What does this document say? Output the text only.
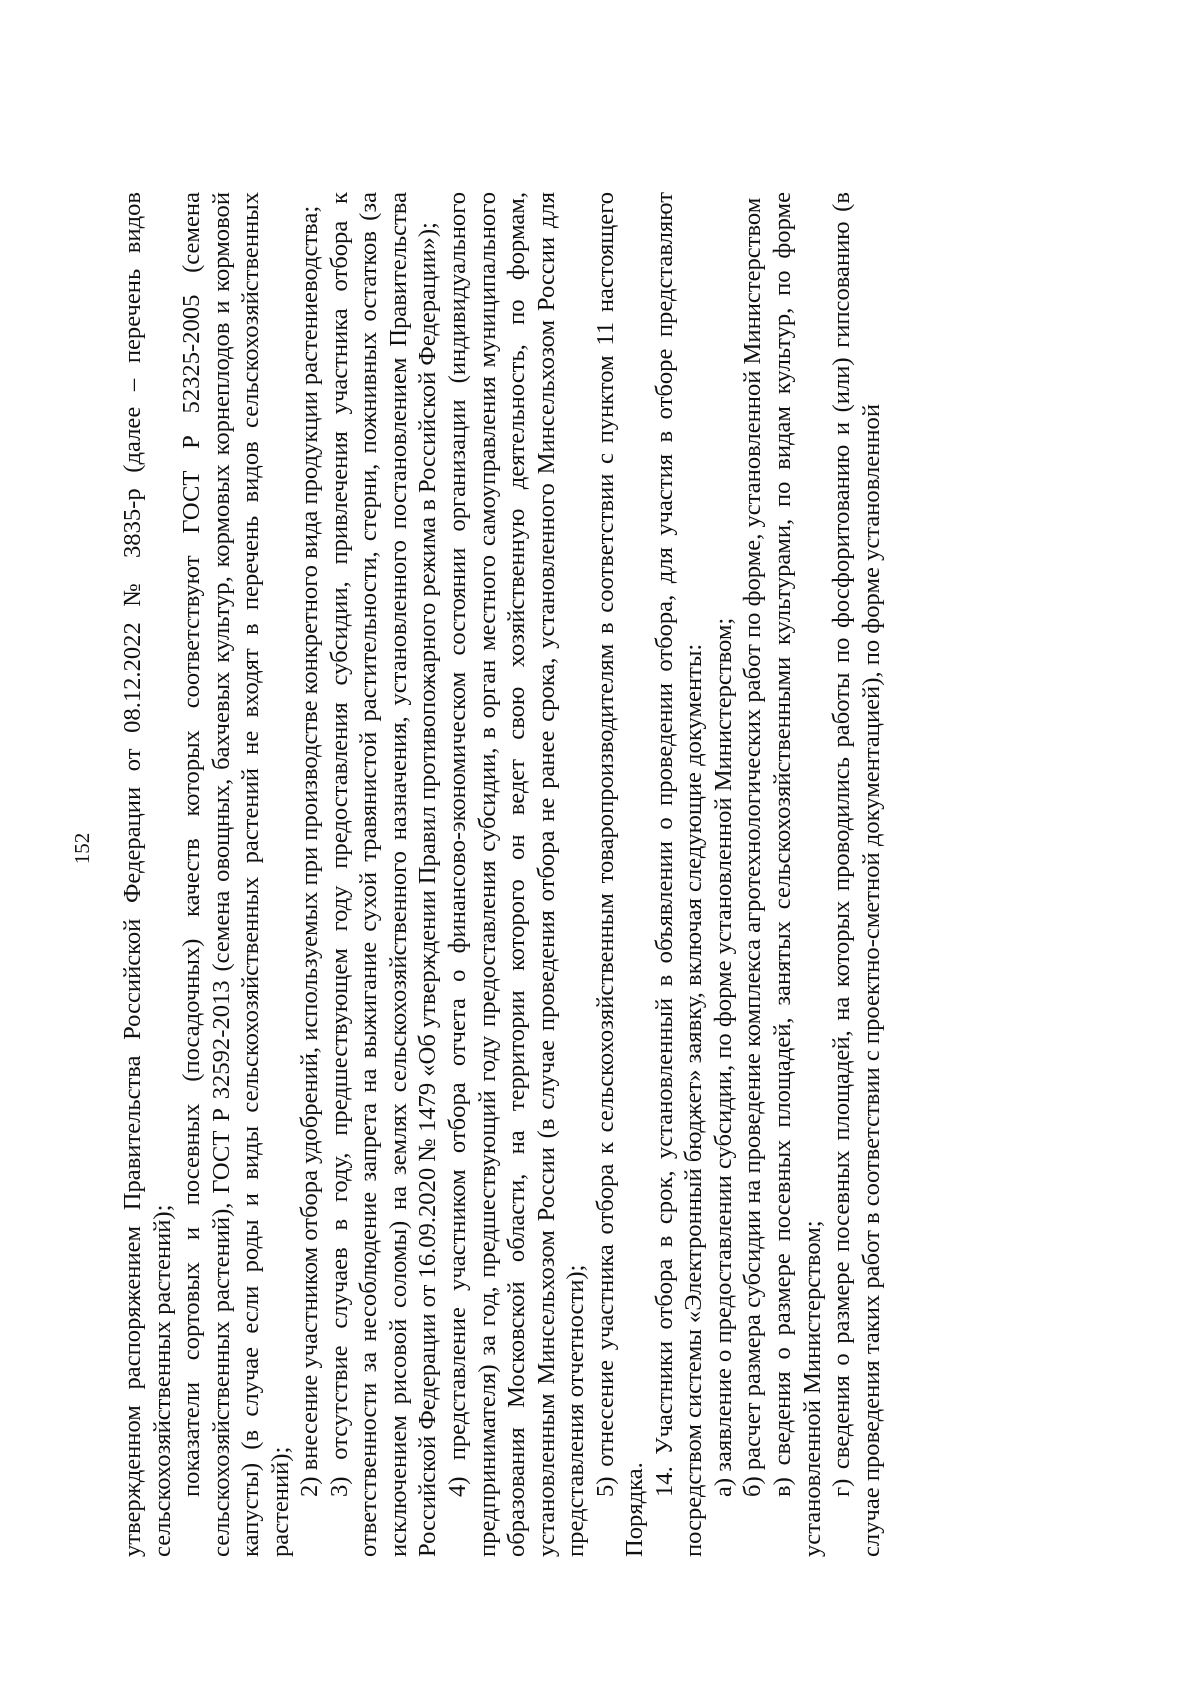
152 утвержденном распоряжением Правительства Российской Федерации от 08.12.2022 № 3835-р (далее – перечень видов сельскохозяйственных растений); показатели сортовых и посевных (посадочных) качеств которых соответствуют ГОСТ Р 52325-2005 (семена сельскохозяйственных растений), ГОСТ Р 32592-2013 (семена овощных, бахчевых культур, кормовых корнеплодов и кормовой капусты) (в случае если роды и виды сельскохозяйственных растений не входят в перечень видов сельскохозяйственных растений);

2) внесение участником отбора удобрений, используемых при производстве конкретного вида продукции растениеводства; 3) отсутствие случаев в году, предшествующем году предоставления субсидии, привлечения участника отбора к ответственности за несоблюдение запрета на выжигание сухой травянистой растительности, стерни, пожнивных остатков (за исключением рисовой соломы) на землях сельскохозяйственного назначения, установленного постановлением Правительства Российской Федерации от 16.09.2020 № 1479 «Об утверждении Правил противопожарного режима в Российской Федерации»); 4) представление участником отбора отчета о финансово-экономическом состоянии организации (индивидуального предпринимателя) за год, предшествующий году предоставления субсидии, в орган местного самоуправления муниципального образования Московской области, на территории которого он ведет свою хозяйственную деятельность, по формам, установленным Минсельхозом России (в случае проведения отбора не ранее срока, установленного Минсельхозом России для представления отчетности); 5) отнесение участника отбора к сельскохозяйственным товаропроизводителям в соответствии с пунктом 11 настоящего Порядка.

14. Участники отбора в срок, установленный в объявлении о проведении отбора, для участия в отборе представляют посредством системы «Электронный бюджет» заявку, включая следующие документы: а) заявление о предоставлении субсидии, по форме установленной Министерством; б) расчет размера субсидии на проведение комплекса агротехнологических работ по форме, установленной Министерством в) сведения о размере посевных площадей, занятых сельскохозяйственными культурами, по видам культур, по форме установленной Министерством; г) сведения о размере посевных площадей, на которых проводились работы по фосфоритованию и (или) гипсованию (в случае проведения таких работ в соответствии с проектно-сметной документацией), по форме установленной
